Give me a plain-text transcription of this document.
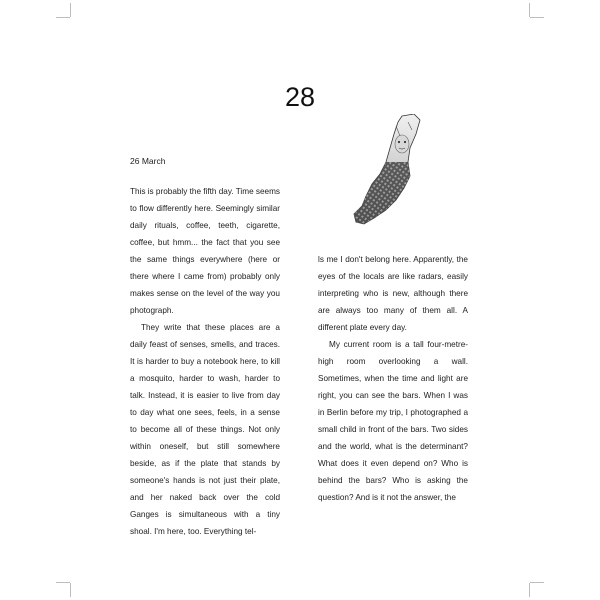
28
26 March

This is probably the fifth day. Time seems to flow differently here. Seemingly similar daily rituals, coffee, teeth, cigarette, coffee, but hmm... the fact that you see the same things everywhere (here or there where I came from) probably only makes sense on the level of the way you photograph.

They write that these places are a daily feast of senses, smells, and traces. It is harder to buy a notebook here, to kill a mosquito, harder to wash, harder to talk. Instead, it is easier to live from day to day what one sees, feels, in a sense to become all of these things. Not only within oneself, but still somewhere beside, as if the plate that stands by someone's hands is not just their plate, and her naked back over the cold Ganges is simultaneous with a tiny shoal. I'm here, too. Everything tel-

ls me I don't belong here. Apparently, the eyes of the locals are like radars, easily interpreting who is new, although there are always too many of them all. A different plate every day.

My current room is a tall four-metre-high room overlooking a wall. Sometimes, when the time and light are right, you can see the bars. When I was in Berlin before my trip, I photographed a small child in front of the bars. Two sides and the world, what is the determinant? What does it even depend on? Who is behind the bars? Who is asking the question? And is it not the answer, the
